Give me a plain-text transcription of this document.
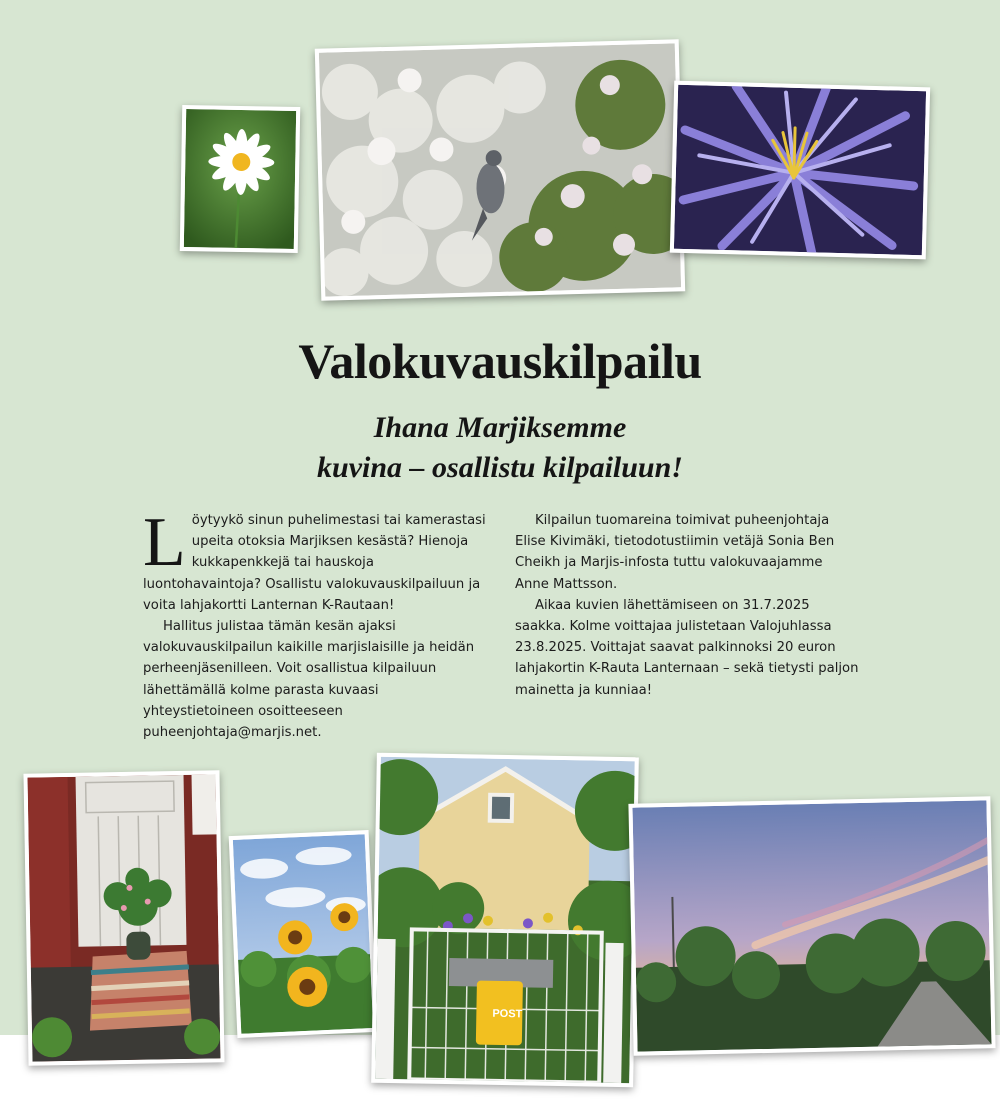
Valokuvauskilpailu
Ihana Marjiksemme
kuvina – osallistu kilpailuun!

Löytyykö sinun puhelimestasi tai kamerastasi upeita otoksia Marjiksen kesästä? Hienoja kukkapenkkejä tai hauskoja luontohavaintoja? Osallistu valokuvauskilpailuun ja voita lahjakortti Lanternan K-Rautaan!

Hallitus julistaa tämän kesän ajaksi valokuvauskilpailun kaikille marjislaisille ja heidän perheenjäsenilleen. Voit osallistua kilpailuun lähettämällä kolme parasta kuvaasi yhteystietoineen osoitteeseen puheenjohtaja@marjis.net.

Kilpailun tuomareina toimivat puheenjohtaja Elise Kivimäki, tietodotustiimin vetäjä Sonia Ben Cheikh ja Marjis-infosta tuttu valokuvaajamme Anne Mattsson.

Aikaa kuvien lähettämiseen on 31.7.2025 saakka. Kolme voittajaa julistetaan Valojuhlassa 23.8.2025. Voittajat saavat palkinnoksi 20 euron lahjakortin K-Rauta Lanternaan – sekä tietysti paljon mainetta ja kunniaa!

POST
